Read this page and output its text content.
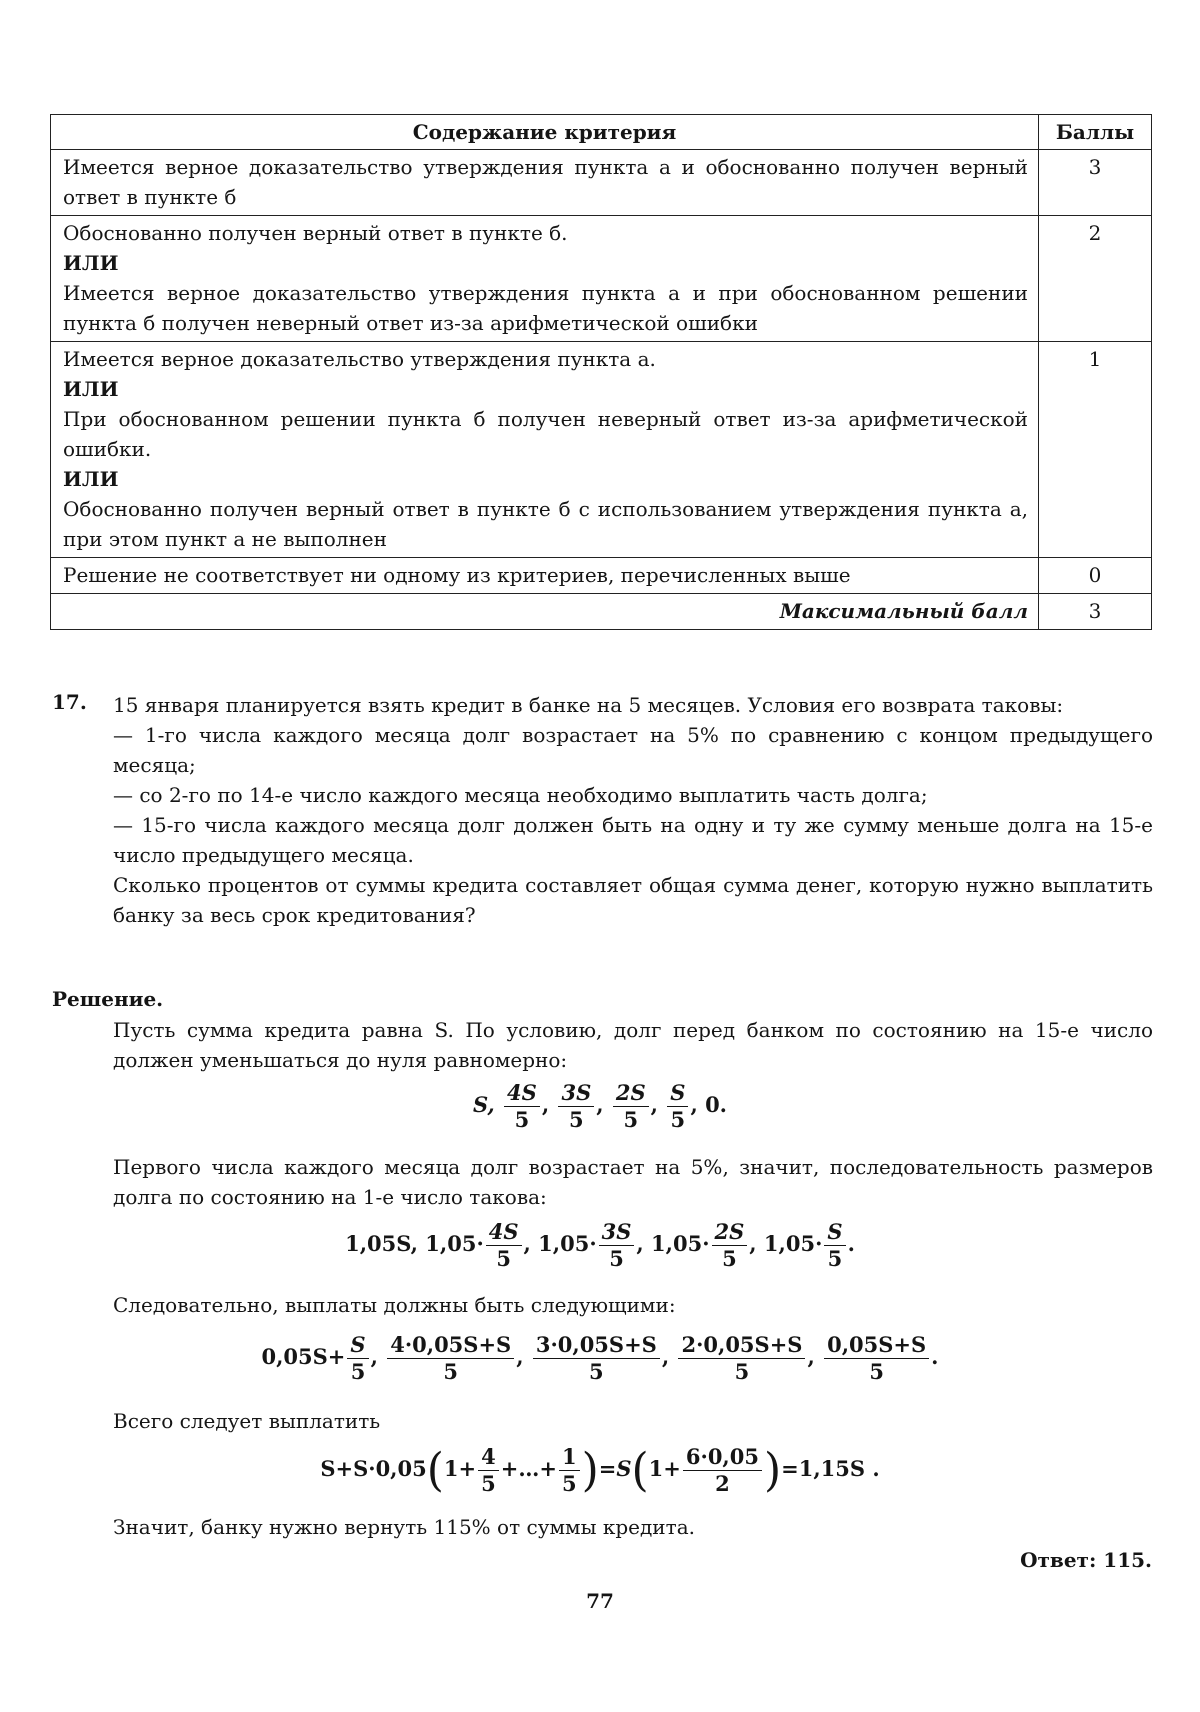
Содержание критерия	Баллы

Имеется верное доказательство утверждения пункта а и обоснованно получен верный ответ в пункте б	3

Обоснованно получен верный ответ в пункте б.
ИЛИ
Имеется верное доказательство утверждения пункта а и при обоснованном решении пункта б получен неверный ответ из-за арифметической ошибки	2

Имеется верное доказательство утверждения пункта а.
ИЛИ
При обоснованном решении пункта б получен неверный ответ из-за арифметической ошибки.
ИЛИ
Обоснованно получен верный ответ в пункте б с использованием утверждения пункта а, при этом пункт а не выполнен	1

Решение не соответствует ни одному из критериев, перечисленных выше	0
Максимальный балл	3
17. 15 января планируется взять кредит в банке на 5 месяцев. Условия его возврата таковы:
— 1-го числа каждого месяца долг возрастает на 5% по сравнению с концом предыдущего месяца;
— со 2-го по 14-е число каждого месяца необходимо выплатить часть долга;
— 15-го числа каждого месяца долг должен быть на одну и ту же сумму меньше долга на 15-е число предыдущего месяца.
Сколько процентов от суммы кредита составляет общая сумма денег, которую нужно выплатить банку за весь срок кредитования?
Решение.
Пусть сумма кредита равна S. По условию, долг перед банком по состоянию на 15-е число должен уменьшаться до нуля равномерно:
S, $\frac{4S}{5}$ , $\frac{3S}{5}$ , $\frac{2S}{5}$ , $\frac{S}{5}$ , 0.
Первого числа каждого месяца долг возрастает на 5%, значит, последовательность размеров долга по состоянию на 1-е число такова:
1,05S, $1,05\cdot \frac{4S}{5}$ , $1,05\cdot \frac{3S}{5}$ , $1,05\cdot \frac{2S}{5}$ , $1,05\cdot \frac{S}{5}$ .
Следовательно, выплаты должны быть следующими:
$0,05S+ \frac{S}{5}$ , $\frac{4\cdot 0,05S+S}{5}$ , $\frac{3\cdot 0,05S+S}{5}$ , $\frac{2\cdot 0,05S+S}{5}$ , $\frac{0,05S+S}{5}$ .
Всего следует выплатить
$S+S\cdot 0,05(1+ \frac{4}{5}$ +…+ $\frac{1}{5} )=S(1+ \frac{6\cdot 0,05}{2} )=1,15S$ .
Значит, банку нужно вернуть 115% от суммы кредита.
Ответ: 115.
77
